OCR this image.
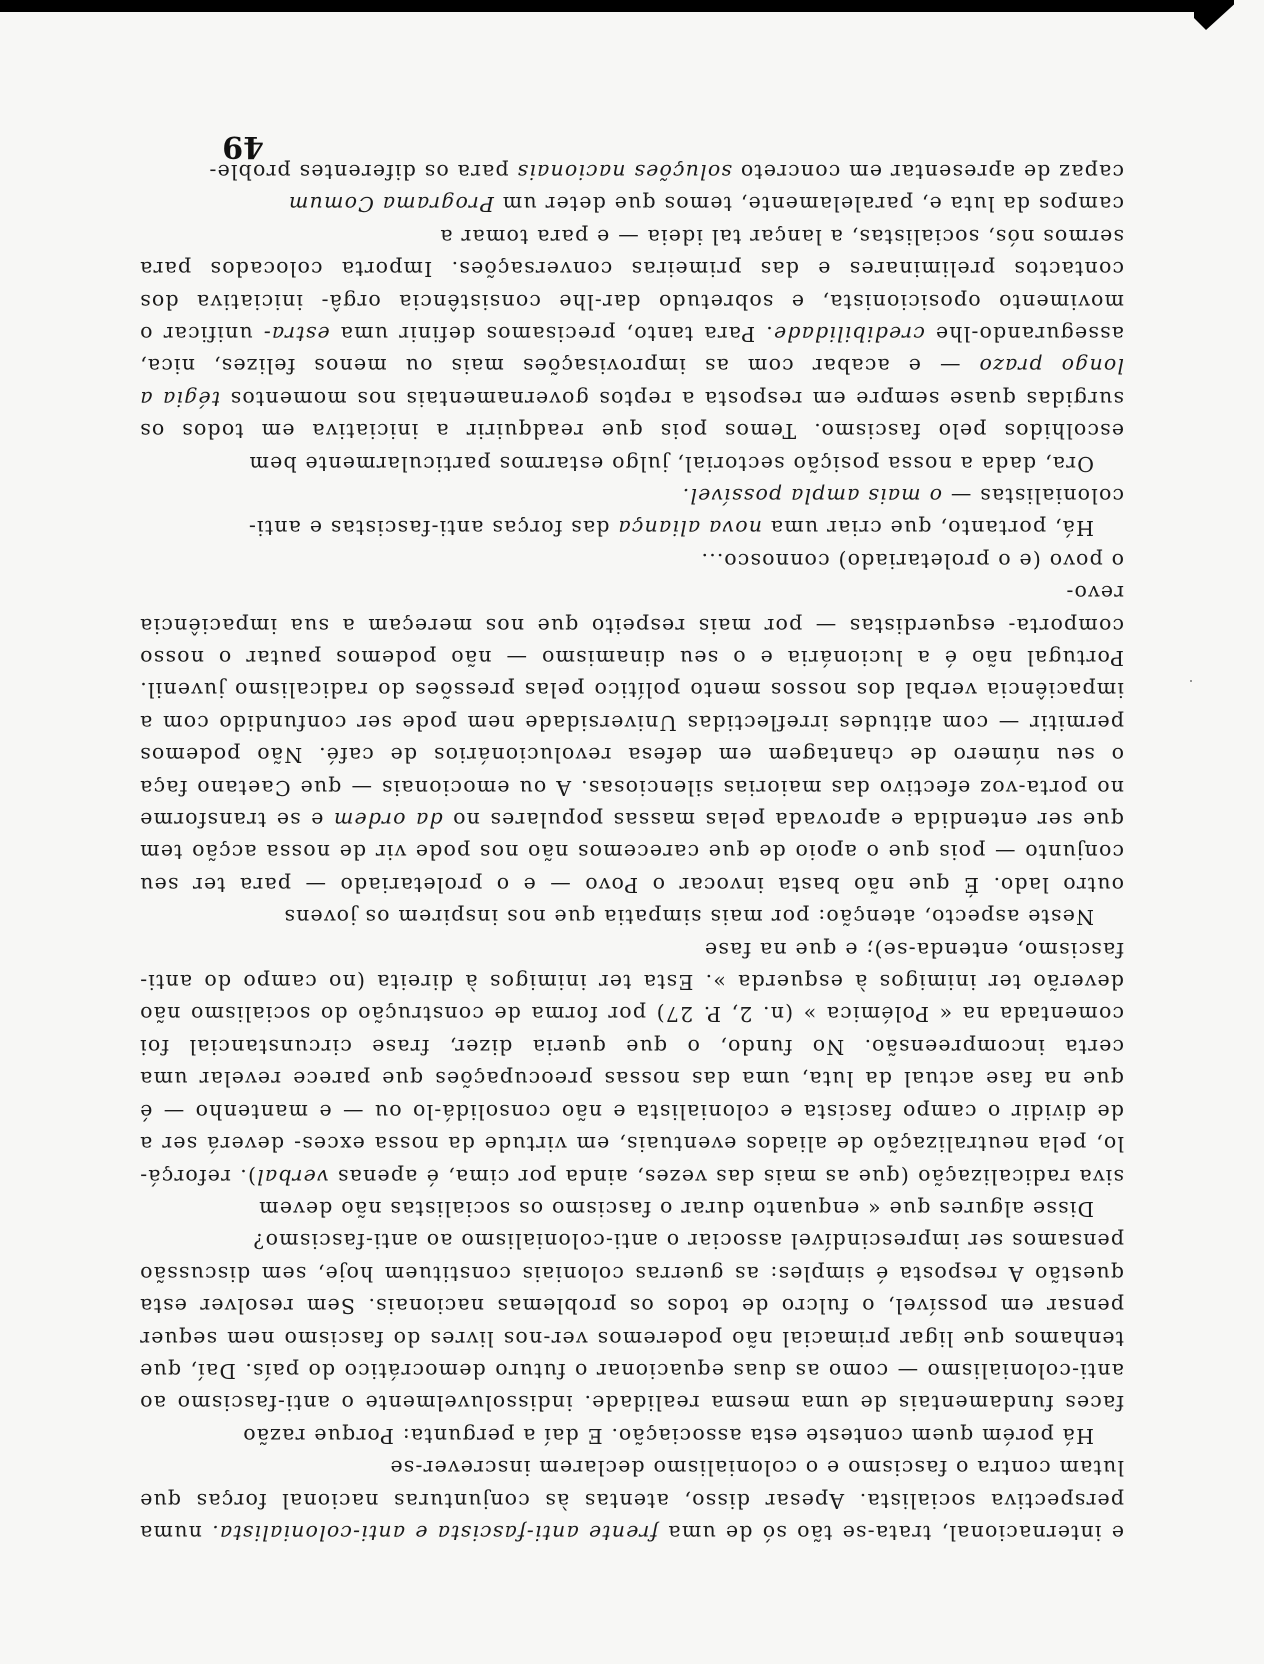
49

e internacional, trata-se tão só de uma frente anti-fascista e anti-colonialista. numa perspectiva socialista. Apesar disso, atentas às conjunturas nacional forças que lutam contra o fascismo e o colonialismo declarem inscrever-se

Há porém quem conteste esta associação. E daí a pergunta: Porque razão

faces fundamentais de uma mesma realidade. indissoluvelmente o anti-fascismo ao anti-colonialismo — como as duas equacionar o futuro democrático do país. Daí, que tenhamos que ligar primacial não poderemos ver-nos livres do fascismo nem sequer pensar em possível, o fulcro de todos os problemas nacionais. Sem resolver esta questão A resposta é simples: as guerras coloniais constituem hoje, sem discussão pensamos ser imprescindível associar o anti-colonialismo ao anti-fascismo?

Disse algures que « enquanto durar o fascismo os socialistas não devem

siva radicalização (que as mais das vezes, ainda por cima, é apenas verbal). reforçá-lo, pela neutralização de aliados eventuais, em virtude da nossa exces- deverá ser a de dividir o campo fascista e colonialista e não consolidá-lo ou — e mantenho — é que na fase actual da luta, uma das nossas preocupações que parece revelar uma certa incompreensão. No fundo, o que queria dizer, frase circunstancial foi comentada na « Polémica » (n. 2, P. 27) por forma de construção do socialismo não deverão ter inimigos à esquerda ». Esta ter inimigos à direita (no campo do anti-fascismo, entenda-se); e que na fase

Neste aspecto, atenção: por mais simpatia que nos inspirem os jovens

outro lado. É que não basta invocar o Povo — e o proletariado — para ter seu conjunto — pois que o apoio de que carecemos não nos pode vir de nossa acção tem que ser entendida e aprovada pelas massas populares no da ordem e se transforme no porta-voz efectivo das maiorias silenciosas. A ou emocionais — que Caetano faça o seu número de chantagem em defesa revolucionários de café. Não podemos permitir — com atitudes irreflectidas Universidade nem pode ser confundido com a impaciência verbal dos nossos mento político pelas pressões do radicalismo juvenil. Portugal não é a lucionária e o seu dinamismo — não podemos pautar o nosso comporta- esquerdistas — por mais respeito que nos mereçam a sua impaciência revo-

o povo (e o proletariado) connosco...

Há, portanto, que criar uma nova aliança das forças anti-fascistas e anti-

colonialistas — o mais ampla possível.

Ora, dada a nossa posição sectorial, julgo estarmos particularmente bem

escolhidos pelo fascismo. Temos pois que readquirir a iniciativa em todos os surgidas quase sempre em resposta a reptos governamentais nos momentos tégia a longo prazo — e acabar com as improvisações mais ou menos felizes, nica, assegurando-lhe credibilidade. Para tanto, precisamos definir uma estra- unificar o movimento oposicionista, e sobretudo dar-lhe consistência orgâ- iniciativa dos contactos preliminares e das primeiras conversações. Importa colocados para sermos nós, socialistas, a lançar tal ideia — e para tomar a

campos da luta e, paralelamente, temos que deter um Programa Comum

capaz de apresentar em concreto soluções nacionais para os diferentes proble-
